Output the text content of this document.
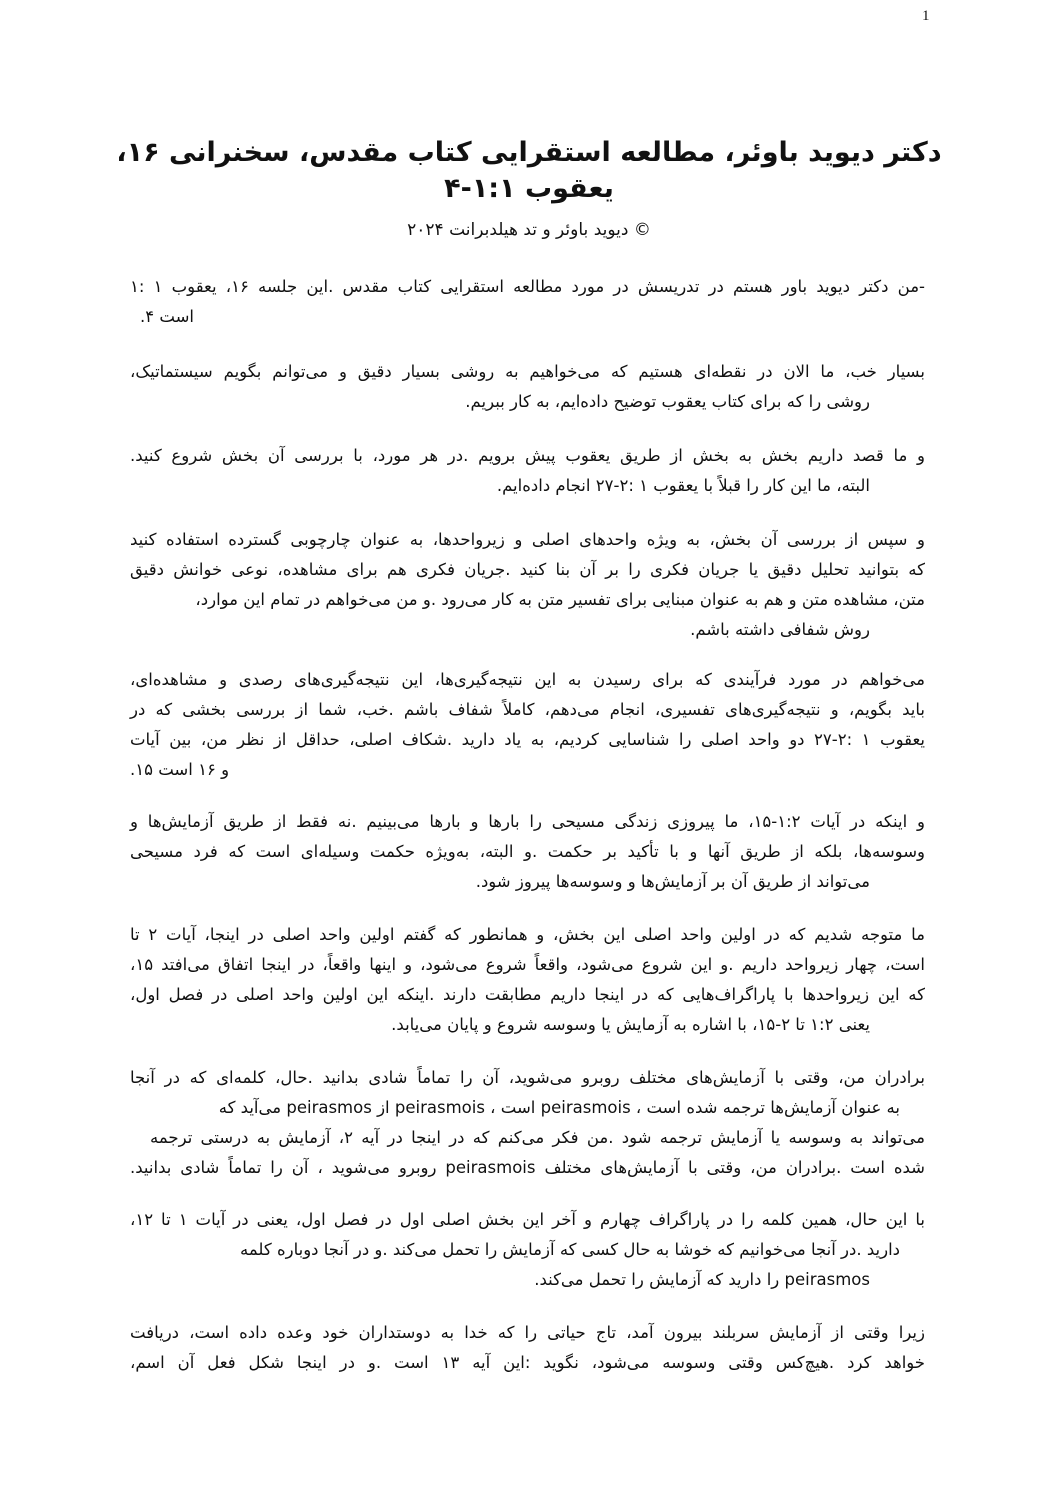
1
،دکتر دیوید باوئر، مطالعه استقرایی کتاب مقدس، سخنرانی ۱۶
یعقوب ۱:۱-۴
دیوید باوئر و تد هیلدبرانت ۲۰۲۴ ©
من دکتر دیوید باور هستم در تدریسش در مورد مطالعه استقرایی کتاب مقدس .این جلسه ۱۶، یعقوب ۱ :۱-
.است ۴
،بسیار خب، ما الان در نقطه‌ای هستیم که می‌خواهیم به روشی بسیار دقیق و می‌توانم بگویم سیستماتیک
.روشی را که برای کتاب یعقوب توضیح داده‌ایم، به کار ببریم
.و ما قصد داریم بخش به بخش از طریق یعقوب پیش برویم .در هر مورد، با بررسی آن بخش شروع کنید
.البته، ما این کار را قبلاً با یعقوب ۱ :۲-۲۷ انجام داده‌ایم
و سپس از بررسی آن بخش، به ویژه واحدهای اصلی و زیرواحدها، به عنوان چارچوبی گسترده استفاده کنید
که بتوانید تحلیل دقیق یا جریان فکری را بر آن بنا کنید .جریان فکری هم برای مشاهده، نوعی خوانش دقیق
،متن، مشاهده متن و هم به عنوان مبنایی برای تفسیر متن به کار می‌رود .و من می‌خواهم در تمام این موارد
.روش شفافی داشته باشم
،می‌خواهم در مورد فرآیندی که برای رسیدن به این نتیجه‌گیری‌ها، این نتیجه‌گیری‌های رصدی و مشاهده‌ای
باید بگویم، و نتیجه‌گیری‌های تفسیری، انجام می‌دهم، کاملاً شفاف باشم .خب، شما از بررسی بخشی که در
یعقوب ۱ :۲-۲۷ دو واحد اصلی را شناسایی کردیم، به یاد دارید .شکاف اصلی، حداقل از نظر من، بین آیات
.و ۱۶ است ۱۵
و اینکه در آیات ۱:۲-۱۵، ما پیروزی زندگی مسیحی را بارها و بارها می‌بینیم .نه فقط از طریق آزمایش‌ها و
وسوسه‌ها، بلکه از طریق آنها و با تأکید بر حکمت .و البته، به‌ویژه حکمت وسیله‌ای است که فرد مسیحی
.می‌تواند از طریق آن بر آزمایش‌ها و وسوسه‌ها پیروز شود
ما متوجه شدیم که در اولین واحد اصلی این بخش، و همانطور که گفتم اولین واحد اصلی در اینجا، آیات ۲ تا
،است، چهار زیرواحد داریم .و این شروع می‌شود، واقعاً شروع می‌شود، و اینها واقعاً، در اینجا اتفاق می‌افتد ۱۵
،که این زیرواحدها با پاراگراف‌هایی که در اینجا داریم مطابقت دارند .اینکه این اولین واحد اصلی در فصل اول
.یعنی ۱:۲ تا ۲-۱۵، با اشاره به آزمایش یا وسوسه شروع و پایان می‌یابد
برادران من، وقتی با آزمایش‌های مختلف روبرو می‌شوید، آن را تماماً شادی بدانید .حال، کلمه‌ای که در آنجا
می‌آید که peirasmos از peirasmois ، است peirasmois ، به عنوان آزمایش‌ها ترجمه شده است
می‌تواند به وسوسه یا آزمایش ترجمه شود .من فکر می‌کنم که در اینجا در آیه ۲، آزمایش به درستی ترجمه
.روبرو می‌شوید ، آن را تماماً شادی بدانید peirasmois شده است .برادران من، وقتی با آزمایش‌های مختلف
،با این حال، همین کلمه را در پاراگراف چهارم و آخر این بخش اصلی اول در فصل اول، یعنی در آیات ۱ تا ۱۲
دارید .در آنجا می‌خوانیم که خوشا به حال کسی که آزمایش را تحمل می‌کند .و در آنجا دوباره کلمه
.را دارید که آزمایش را تحمل می‌کند peirasmos
زیرا وقتی از آزمایش سربلند بیرون آمد، تاج حیاتی را که خدا به دوستداران خود وعده داده است، دریافت
،خواهد کرد .هیچ‌کس وقتی وسوسه می‌شود، نگوید :این آیه ۱۳ است .و در اینجا شکل فعل آن اسم
